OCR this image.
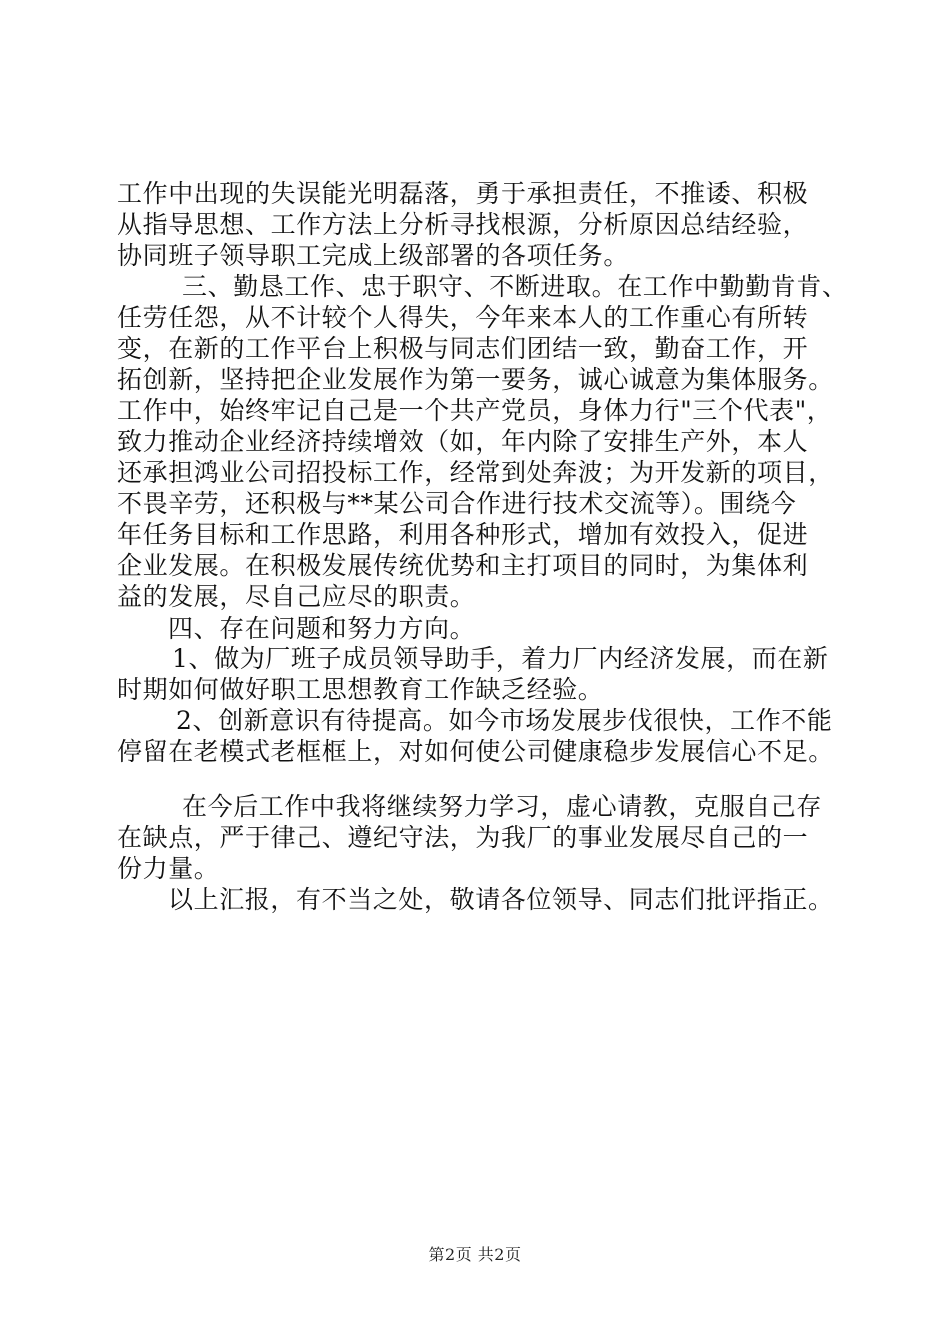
工作中出现的失误能光明磊落，勇于承担责任，不推诿、积极
从指导思想、工作方法上分析寻找根源，分析原因总结经验，
协同班子领导职工完成上级部署的各项任务。
三、勤恳工作、忠于职守、不断进取。在工作中勤勤肯肯、
任劳任怨，从不计较个人得失，今年来本人的工作重心有所转
变，在新的工作平台上积极与同志们团结一致，勤奋工作，开
拓创新，坚持把企业发展作为第一要务，诚心诚意为集体服务。
工作中，始终牢记自己是一个共产党员，身体力行"三个代表"，
致力推动企业经济持续增效（如，年内除了安排生产外，本人
还承担鸿业公司招投标工作，经常到处奔波；为开发新的项目，
不畏辛劳，还积极与**某公司合作进行技术交流等）。围绕今
年任务目标和工作思路，利用各种形式，增加有效投入，促进
企业发展。在积极发展传统优势和主打项目的同时，为集体利
益的发展，尽自己应尽的职责。
四、存在问题和努力方向。
1、做为厂班子成员领导助手，着力厂内经济发展，而在新
时期如何做好职工思想教育工作缺乏经验。
2、创新意识有待提高。如今市场发展步伐很快，工作不能
停留在老模式老框框上，对如何使公司健康稳步发展信心不足。
在今后工作中我将继续努力学习，虚心请教，克服自己存
在缺点，严于律己、遵纪守法，为我厂的事业发展尽自己的一
份力量。
以上汇报，有不当之处，敬请各位领导、同志们批评指正。
第2页 共2页
